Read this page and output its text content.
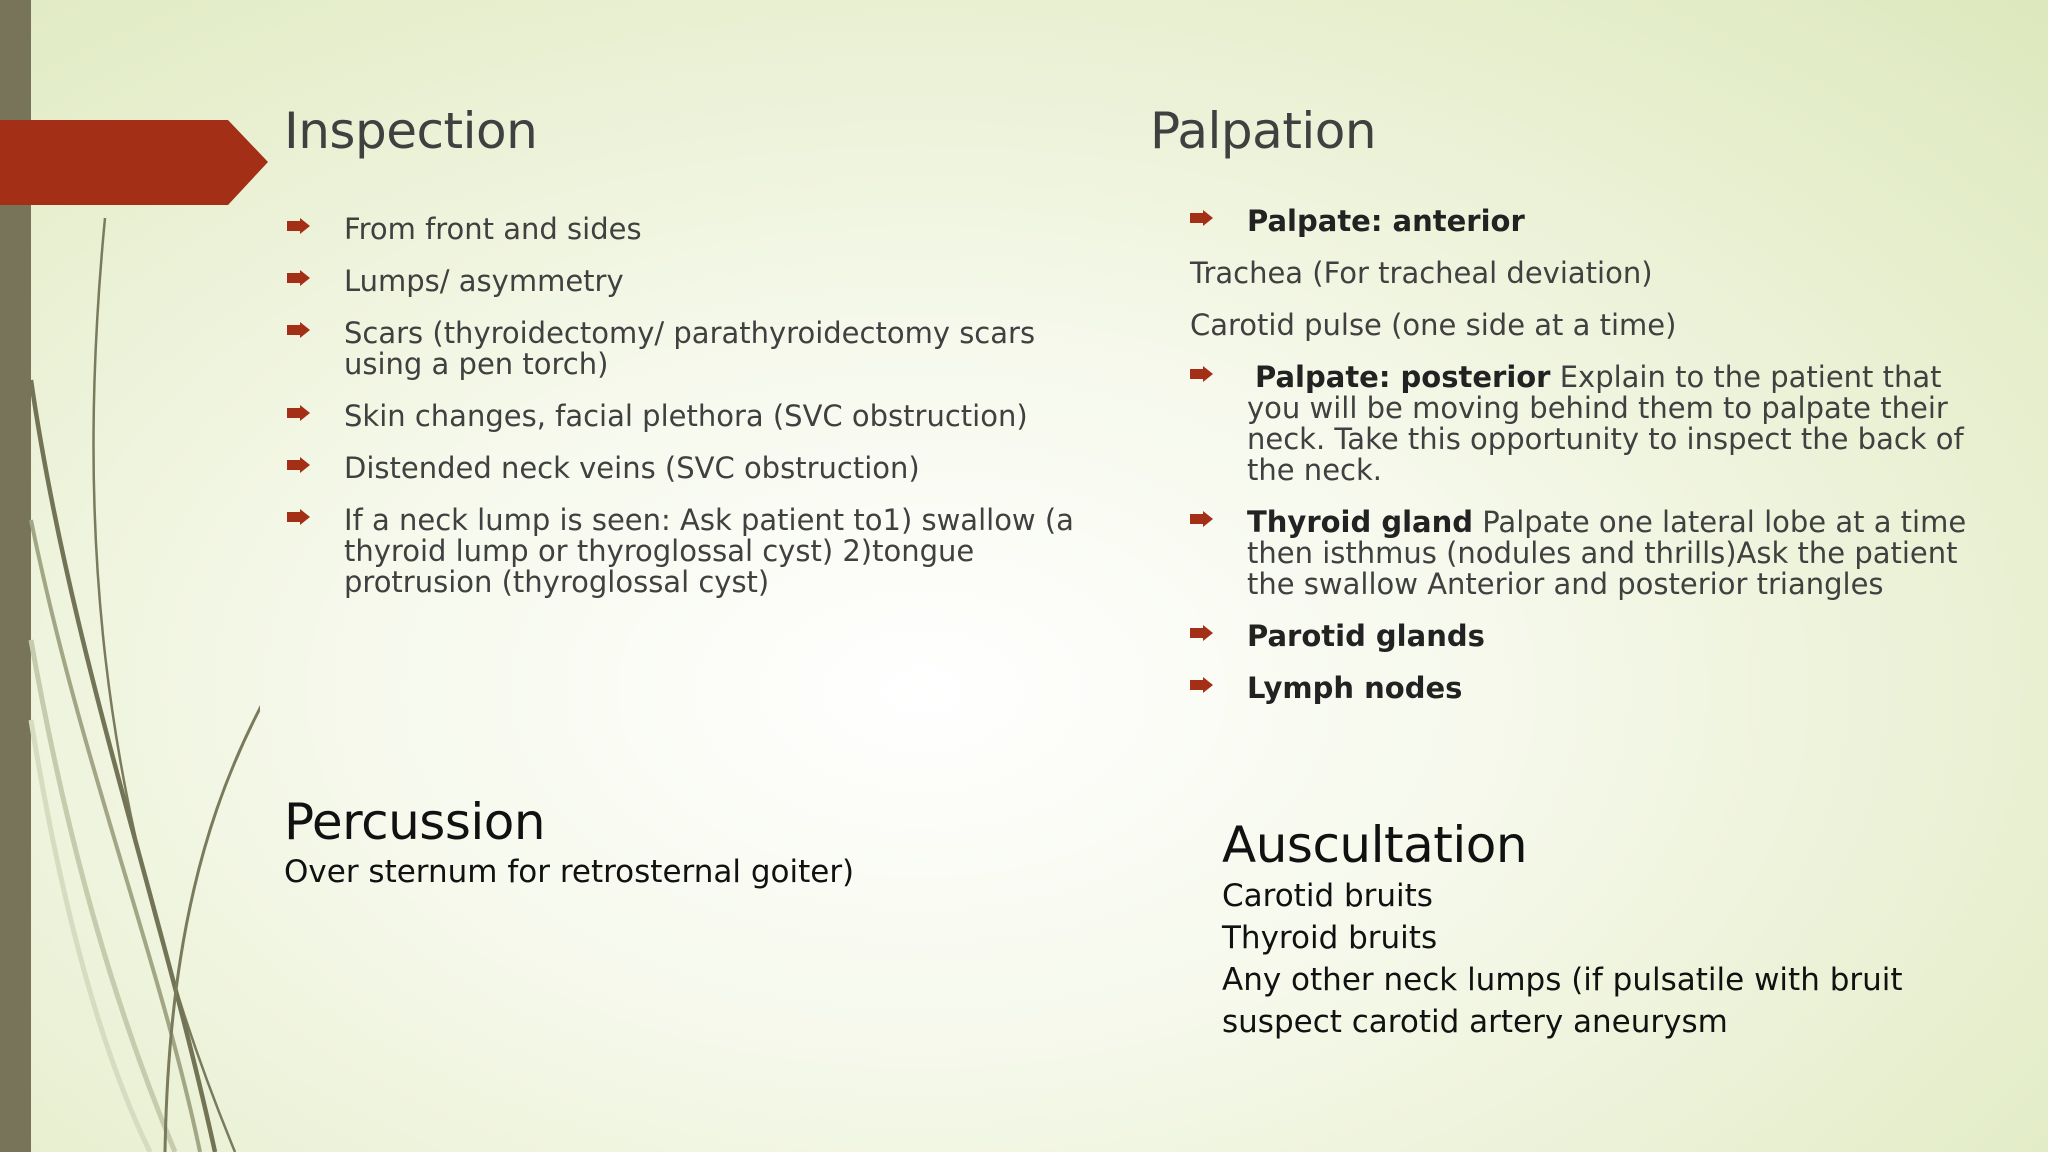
Inspection
From front and sides
Lumps/ asymmetry
Scars (thyroidectomy/ parathyroidectomy scars using a pen torch)
Skin changes, facial plethora (SVC obstruction)
Distended neck veins (SVC obstruction)
If a neck lump is seen: Ask patient to1) swallow (a thyroid lump or thyroglossal cyst) 2)tongue protrusion (thyroglossal cyst)
Palpation
Palpate: anterior
Trachea (For tracheal deviation)
Carotid pulse (one side at a time)
Palpate: posterior Explain to the patient that you will be moving behind them to palpate their neck. Take this opportunity to inspect the back of the neck.
Thyroid gland Palpate one lateral lobe at a time then isthmus (nodules and thrills)Ask the patient the swallow Anterior and posterior triangles
Parotid glands
Lymph nodes
Percussion

Over sternum for retrosternal goiter)	Auscultation

Carotid bruits

Thyroid bruits

Any other neck lumps (if pulsatile with bruit

suspect carotid artery aneurysm
